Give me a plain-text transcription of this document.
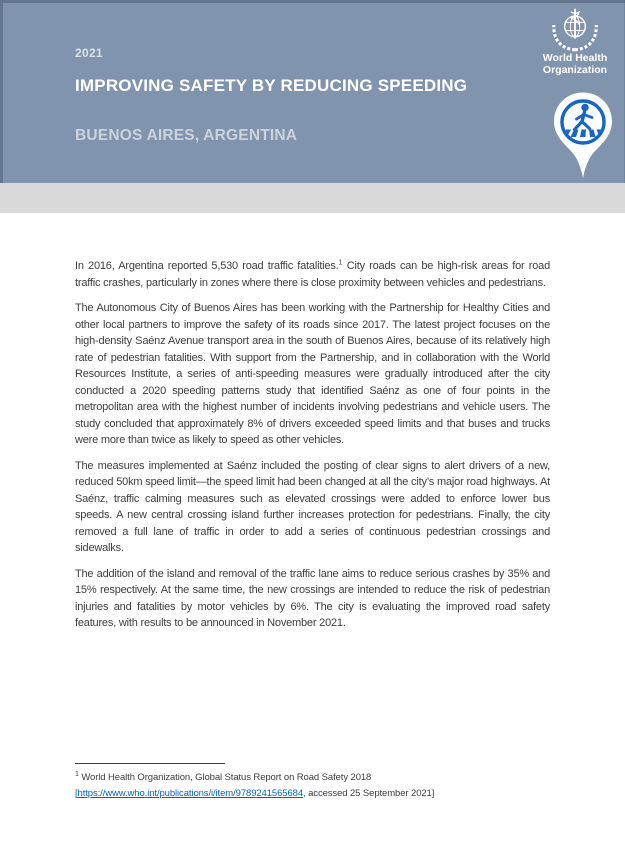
2021
IMPROVING SAFETY BY REDUCING SPEEDING
BUENOS AIRES, ARGENTINA
World Health
Organization

In 2016, Argentina reported 5,530 road traffic fatalities.$^1$ City roads can be high-risk areas for road traffic crashes, particularly in zones where there is close proximity between vehicles and pedestrians.

The Autonomous City of Buenos Aires has been working with the Partnership for Healthy Cities and other local partners to improve the safety of its roads since 2017. The latest project focuses on the high-density Saénz Avenue transport area in the south of Buenos Aires, because of its relatively high rate of pedestrian fatalities. With support from the Partnership, and in collaboration with the World Resources Institute, a series of anti-speeding measures were gradually introduced after the city conducted a 2020 speeding patterns study that identified Saénz as one of four points in the metropolitan area with the highest number of incidents involving pedestrians and vehicle users. The study concluded that approximately 8% of drivers exceeded speed limits and that buses and trucks were more than twice as likely to speed as other vehicles.

The measures implemented at Saénz included the posting of clear signs to alert drivers of a new, reduced 50km speed limit—the speed limit had been changed at all the city’s major road highways. At Saénz, traffic calming measures such as elevated crossings were added to enforce lower bus speeds. A new central crossing island further increases protection for pedestrians. Finally, the city removed a full lane of traffic in order to add a series of continuous pedestrian crossings and sidewalks.

The addition of the island and removal of the traffic lane aims to reduce serious crashes by 35% and 15% respectively. At the same time, the new crossings are intended to reduce the risk of pedestrian injuries and fatalities by motor vehicles by 6%. The city is evaluating the improved road safety features, with results to be announced in November 2021.

$^1$ World Health Organization, Global Status Report on Road Safety 2018
[https://www.who.int/publications/i/item/9789241565684, accessed 25 September 2021]
